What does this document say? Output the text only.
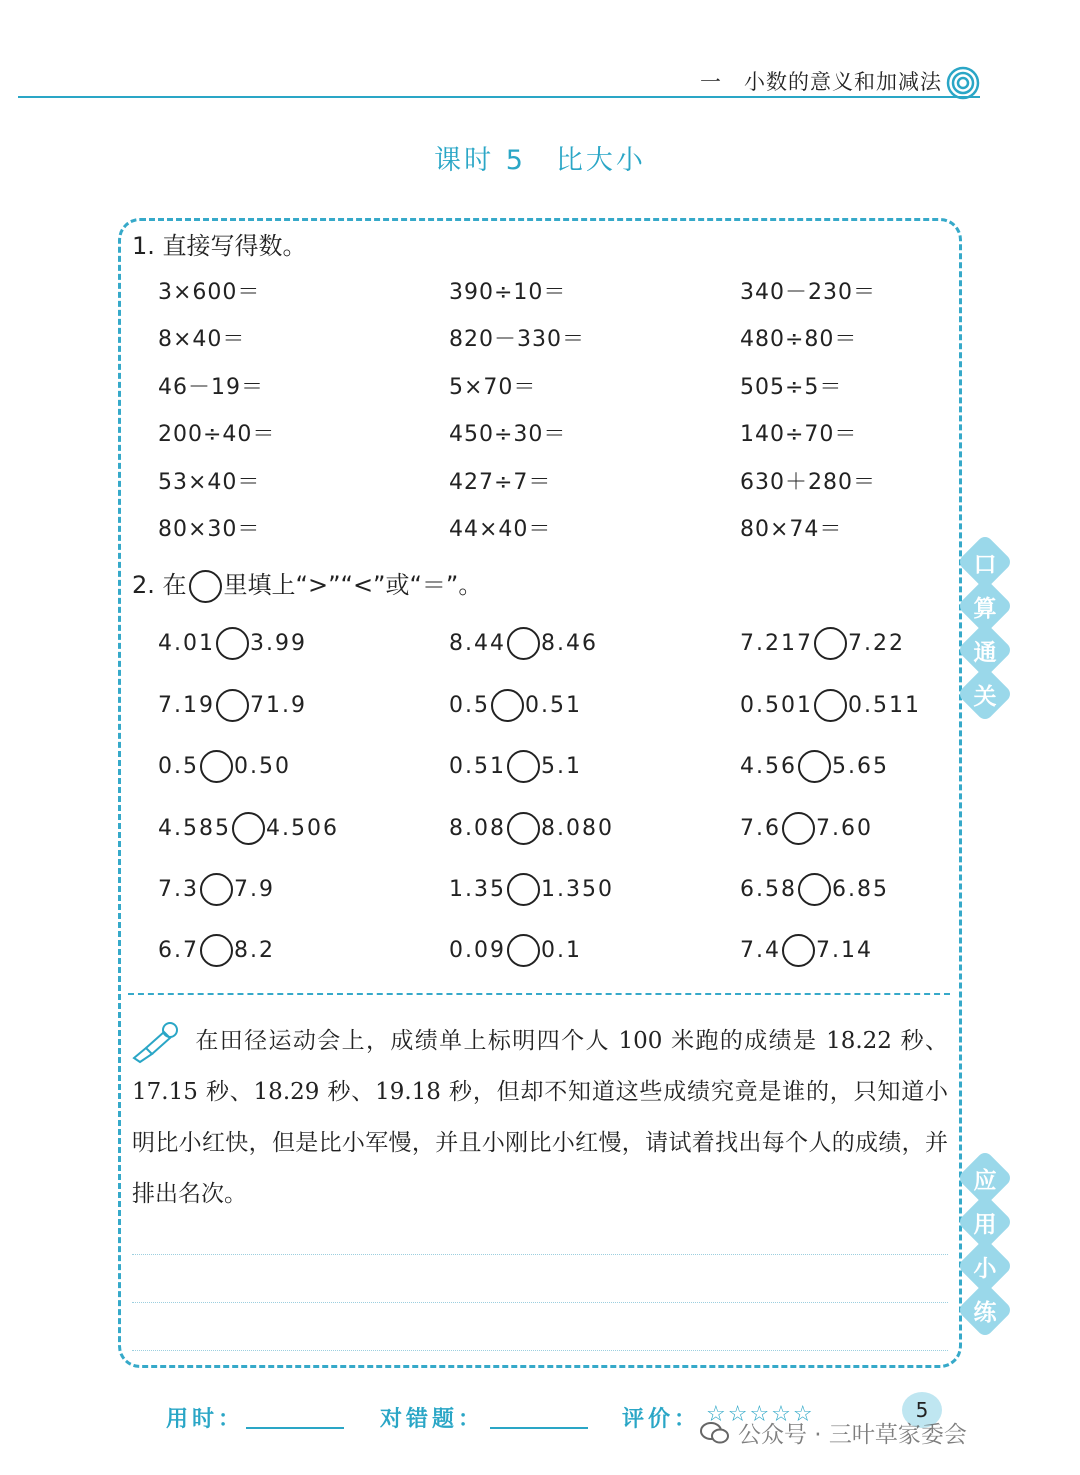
一　小数的意义和加减法
课时 5　比大小
1. 直接写得数。
3×600＝	390÷10＝	340－230＝
8×40＝	820－330＝	480÷80＝
46－19＝	5×70＝	505÷5＝
200÷40＝	450÷30＝	140÷70＝
53×40＝	427÷7＝	630＋280＝
80×30＝	44×40＝	80×74＝
2. 在 里填上“>”“<”或“＝”。
4.01 3.99	8.44 8.46	7.217 7.22
7.19 71.9	0.5 0.51	0.501 0.511
0.5 0.50	0.51 5.1	4.56 5.65
4.585 4.506	8.08 8.080	7.6 7.60
7.3 7.9	1.35 1.350	6.58 6.85
6.7 8.2	0.09 0.1	7.4 7.14
口
算
通
关
在田径运动会上，成绩单上标明四个人 100 米跑的成绩是 18.22 秒、17.15 秒、18.29 秒、19.18 秒，但却不知道这些成绩究竟是谁的，只知道小明比小红快，但是比小军慢，并且小刚比小红慢，请试着找出每个人的成绩，并排出名次。
应
用
小
练
用时：	对错题：	评价： ☆☆☆☆☆	5
公众号 · 三叶草家委会
